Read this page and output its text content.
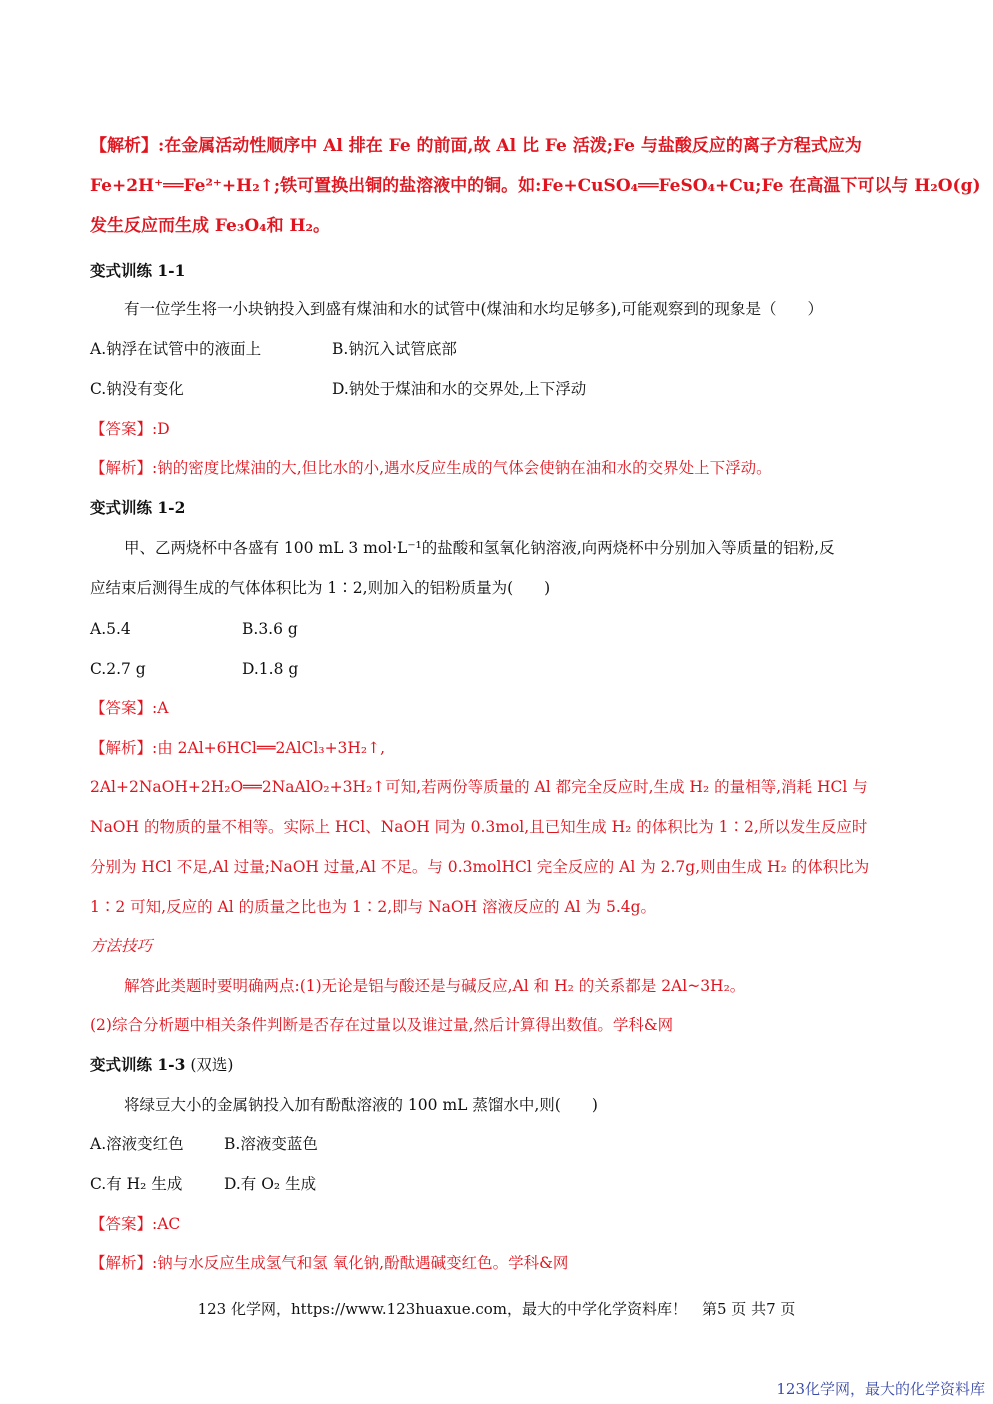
【解析】:在金属活动性顺序中 Al 排在 Fe 的前面,故 Al 比 Fe 活泼;Fe 与盐酸反应的离子方程式应为
Fe+2H⁺══Fe²⁺+H₂↑;铁可置换出铜的盐溶液中的铜。如:Fe+CuSO₄══FeSO₄+Cu;Fe 在高温下可以与 H₂O(g)
发生反应而生成 Fe₃O₄和 H₂。
变式训练 1-1
有一位学生将一小块钠投入到盛有煤油和水的试管中(煤油和水均足够多),可能观察到的现象是（　　）
A.钠浮在试管中的液面上	B.钠沉入试管底部
C.钠没有变化	D.钠处于煤油和水的交界处,上下浮动
【答案】:D
【解析】:钠的密度比煤油的大,但比水的小,遇水反应生成的气体会使钠在油和水的交界处上下浮动。
变式训练 1-2
甲、乙两烧杯中各盛有 100 mL 3 mol·L⁻¹的盐酸和氢氧化钠溶液,向两烧杯中分别加入等质量的铝粉,反
应结束后测得生成的气体体积比为 1∶2,则加入的铝粉质量为(　　)
A.5.4	B.3.6 g
C.2.7 g	D.1.8 g
【答案】:A
【解析】:由 2Al+6HCl══2AlCl₃+3H₂↑,
2Al+2NaOH+2H₂O══2NaAlO₂+3H₂↑可知,若两份等质量的 Al 都完全反应时,生成 H₂ 的量相等,消耗 HCl 与
NaOH 的物质的量不相等。实际上 HCl、NaOH 同为 0.3mol,且已知生成 H₂ 的体积比为 1∶2,所以发生反应时
分别为 HCl 不足,Al 过量;NaOH 过量,Al 不足。与 0.3molHCl 完全反应的 Al 为 2.7g,则由生成 H₂ 的体积比为
1∶2 可知,反应的 Al 的质量之比也为 1∶2,即与 NaOH 溶液反应的 Al 为 5.4g。
方法技巧
解答此类题时要明确两点:(1)无论是铝与酸还是与碱反应,Al 和 H₂ 的关系都是 2Al~3H₂。
(2)综合分析题中相关条件判断是否存在过量以及谁过量,然后计算得出数值。学科&网
变式训练 1-3 (双选)
将绿豆大小的金属钠投入加有酚酞溶液的 100 mL 蒸馏水中,则(　　)
A.溶液变红色	B.溶液变蓝色
C.有 H₂ 生成	D.有 O₂ 生成
【答案】:AC
【解析】:钠与水反应生成氢气和氢 氧化钠,酚酞遇碱变红色。学科&网
123 化学网，https://www.123huaxue.com，最大的中学化学资料库！　第5 页 共7 页
123化学网，最大的化学资料库
